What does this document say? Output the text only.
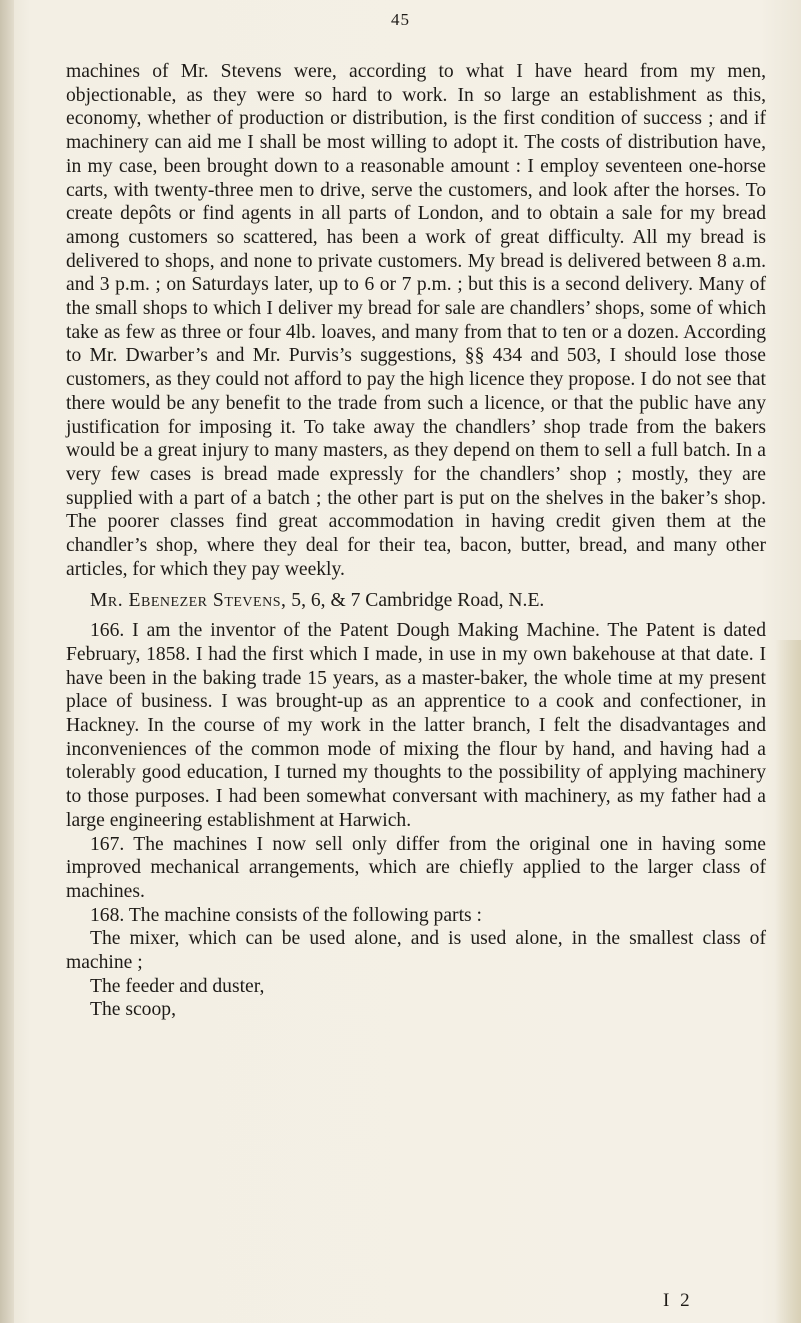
45

machines of Mr. Stevens were, according to what I have heard from my men, objectionable, as they were so hard to work. In so large an establishment as this, economy, whether of production or distribution, is the first condition of success ; and if machinery can aid me I shall be most willing to adopt it. The costs of distribution have, in my case, been brought down to a reasonable amount : I employ seventeen one-horse carts, with twenty-three men to drive, serve the customers, and look after the horses. To create depôts or find agents in all parts of London, and to obtain a sale for my bread among customers so scattered, has been a work of great difficulty. All my bread is delivered to shops, and none to private customers. My bread is delivered between 8 a.m. and 3 p.m. ; on Saturdays later, up to 6 or 7 p.m. ; but this is a second delivery. Many of the small shops to which I deliver my bread for sale are chandlers’ shops, some of which take as few as three or four 4lb. loaves, and many from that to ten or a dozen. According to Mr. Dwarber’s and Mr. Purvis’s suggestions, §§ 434 and 503, I should lose those customers, as they could not afford to pay the high licence they propose. I do not see that there would be any benefit to the trade from such a licence, or that the public have any justification for imposing it. To take away the chandlers’ shop trade from the bakers would be a great injury to many masters, as they depend on them to sell a full batch. In a very few cases is bread made expressly for the chandlers’ shop ; mostly, they are supplied with a part of a batch ; the other part is put on the shelves in the baker’s shop. The poorer classes find great accommodation in having credit given them at the chandler’s shop, where they deal for their tea, bacon, butter, bread, and many other articles, for which they pay weekly.

Mr. Ebenezer Stevens, 5, 6, & 7 Cambridge Road, N.E.

166. I am the inventor of the Patent Dough Making Machine. The Patent is dated February, 1858. I had the first which I made, in use in my own bakehouse at that date. I have been in the baking trade 15 years, as a master-baker, the whole time at my present place of business. I was brought-up as an apprentice to a cook and confectioner, in Hackney. In the course of my work in the latter branch, I felt the disadvantages and inconveniences of the common mode of mixing the flour by hand, and having had a tolerably good education, I turned my thoughts to the possibility of applying machinery to those purposes. I had been somewhat conversant with machinery, as my father had a large engineering establishment at Harwich.

167. The machines I now sell only differ from the original one in having some improved mechanical arrangements, which are chiefly applied to the larger class of machines.

168. The machine consists of the following parts :

The mixer, which can be used alone, and is used alone, in the smallest class of machine ;

The feeder and duster,

The scoop,

I 2
